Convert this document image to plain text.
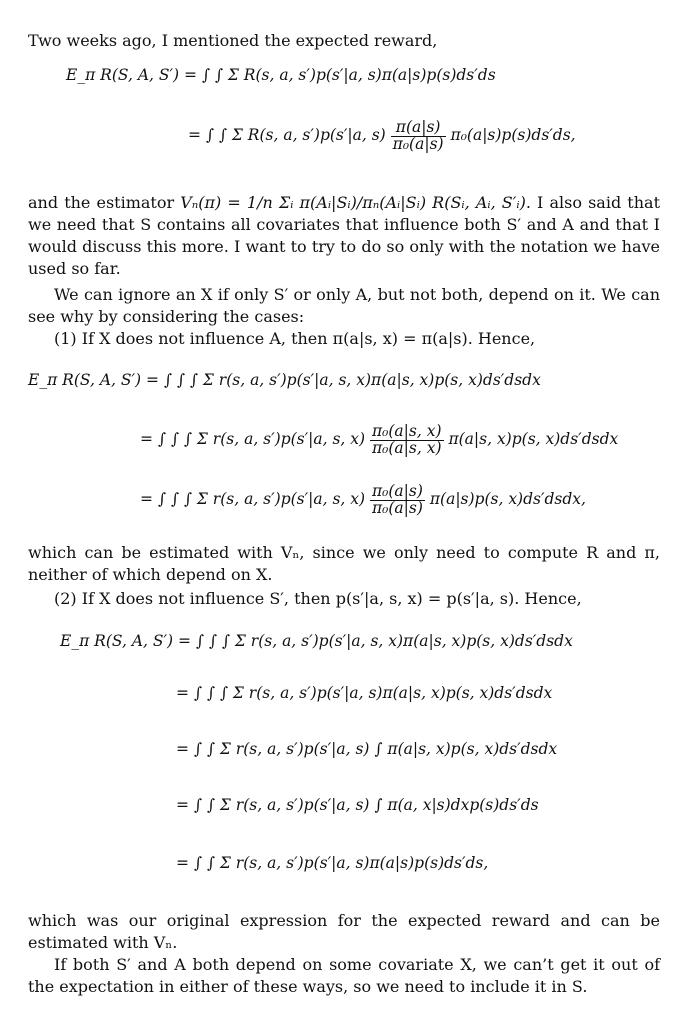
Two weeks ago, I mentioned the expected reward,

E_π R(S, A, S′) = ∫ ∫ Σ R(s, a, s′)p(s′|a, s)π(a|s)p(s)ds′ds
= ∫ ∫ Σ R(s, a, s′)p(s′|a, $s) \frac{\pi(a|s)}{\text{π₀(a|s)}} \pi_0(a|s)p(s)ds'ds$,

and the estimator Vₙ(π) = 1/n Σᵢ π(Aᵢ|Sᵢ)/πₙ(Aᵢ|Sᵢ) R(Sᵢ, Aᵢ, S′ᵢ). I also said that we need that S contains all covariates that influence both S′ and A and that I would discuss this more. I want to try to do so only with the notation we have used so far.

We can ignore an X if only S′ or only A, but not both, depend on it. We can see why by considering the cases:

(1) If X does not influence A, then π(a|s, x) = π(a|s). Hence,

E_π R(S, A, S′) = ∫ ∫ ∫ Σ r(s, a, s′)p(s′|a, s, x)π(a|s, x)p(s, x)ds′dsdx
= ∫ ∫ ∫ Σ r(s, a, s′)p(s′|a, s, $x) \frac{\text{π₀(a|s, x)}}{\text{π₀(a|s, x)}} \pi(a|s$, x)p(s, x)ds′dsdx
= ∫ ∫ ∫ Σ r(s, a, s′)p(s′|a, s, $x) \frac{\text{π₀(a|s)}}{\text{π₀(a|s)}} \pi(a|s)p(s$, x)ds′dsdx,

which can be estimated with Vₙ, since we only need to compute R and π, neither of which depend on X.

(2) If X does not influence S′, then p(s′|a, s, x) = p(s′|a, s). Hence,

E_π R(S, A, S′) = ∫ ∫ ∫ Σ r(s, a, s′)p(s′|a, s, x)π(a|s, x)p(s, x)ds′dsdx
= ∫ ∫ ∫ Σ r(s, a, s′)p(s′|a, s)π(a|s, x)p(s, x)ds′dsdx
= ∫ ∫ Σ r(s, a, s′)p(s′|a, s) ∫ π(a|s, x)p(s, x)ds′dsdx
= ∫ ∫ Σ r(s, a, s′)p(s′|a, s) ∫ π(a, x|s)dxp(s)ds′ds
= ∫ ∫ Σ r(s, a, s′)p(s′|a, s)π(a|s)p(s)ds′ds,

which was our original expression for the expected reward and can be estimated with Vₙ.

If both S′ and A both depend on some covariate X, we can’t get it out of the expectation in either of these ways, so we need to include it in S.
